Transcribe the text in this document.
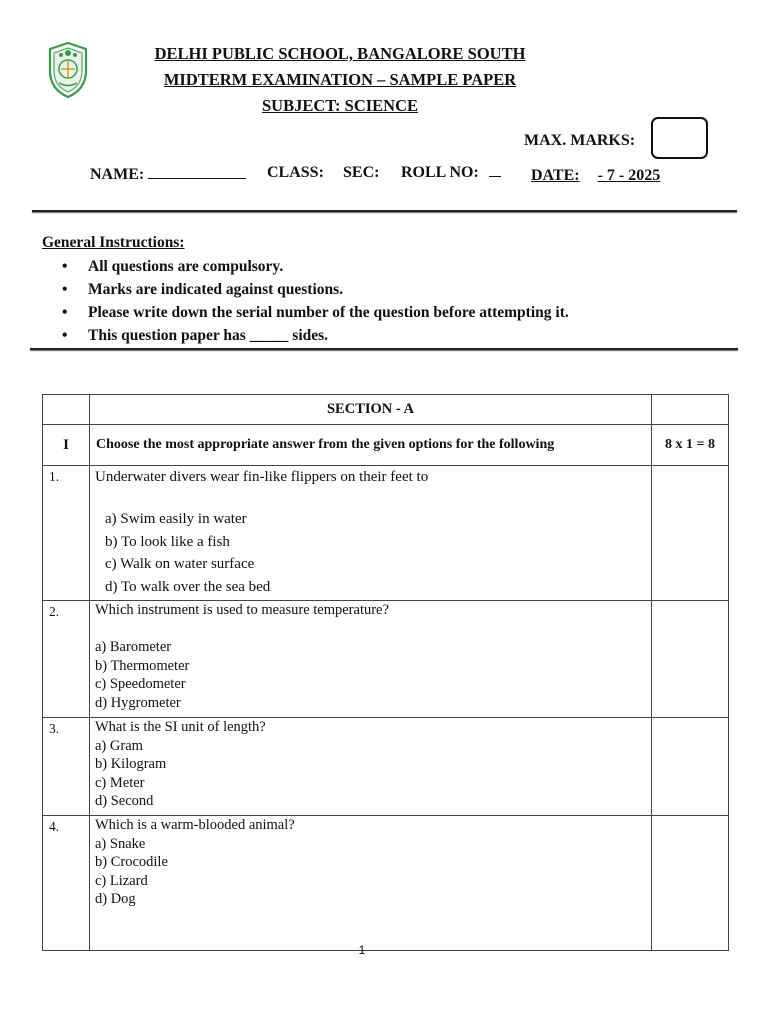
DELHI PUBLIC SCHOOL, BANGALORE SOUTH
MIDTERM EXAMINATION – SAMPLE PAPER
SUBJECT: SCIENCE
MAX. MARKS:
NAME:	CLASS: SEC: ROLL NO:	DATE: - 7 - 2025
General Instructions:
• All questions are compulsory.
• Marks are indicated against questions.
• Please write down the serial number of the question before attempting it.
• This question paper has _____ sides.
	SECTION - A	
I	Choose the most appropriate answer from the given options for the following	8 x 1 = 8
1.	Underwater divers wear fin-like flippers on their feet to
a) Swim easily in water
b) To look like a fish
c) Walk on water surface
d) To walk over the sea bed	

2.	Which instrument is used to measure temperature?
a) Barometer
b) Thermometer
c) Speedometer
d) Hygrometer	

3.	What is the SI unit of length?
a) Gram
b) Kilogram
c) Meter
d) Second	

4.	Which is a warm-blooded animal?
a) Snake
b) Crocodile
c) Lizard
d) Dog	

1
